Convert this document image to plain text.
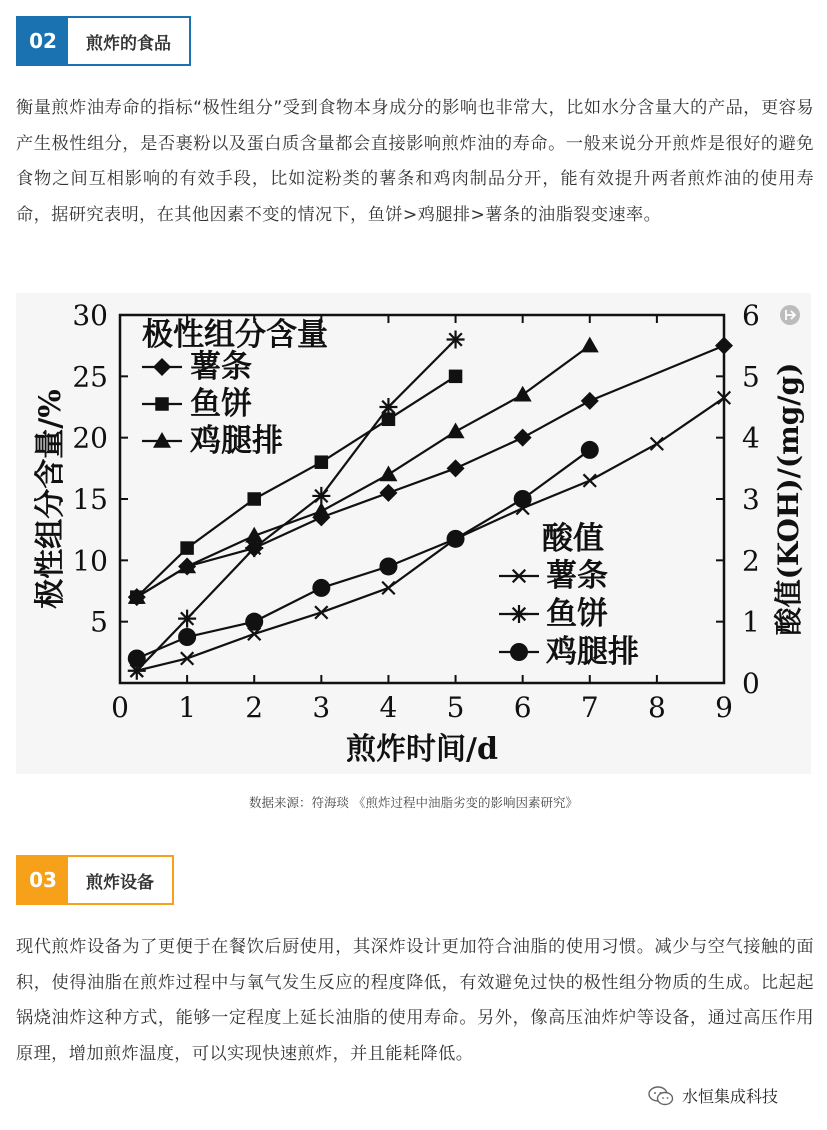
02	煎炸的食品

衡量煎炸油寿命的指标“极性组分”受到食物本身成分的影响也非常大，比如水分含量大的产品，更容易产生极性组分，是否裹粉以及蛋白质含量都会直接影响煎炸油的寿命。一般来说分开煎炸是很好的避免食物之间互相影响的有效手段，比如淀粉类的薯条和鸡肉制品分开，能有效提升两者煎炸油的使用寿命，据研究表明，在其他因素不变的情况下，鱼饼>鸡腿排>薯条的油脂裂变速率。

0 1 2 3 4 5 6 7 8 9
5
10
15
20
25
30
0
1
2
3
4
5
6
煎炸时间/d
极性组分含量/%	酸值(KOH)/(mg/g)
极性组分含量
薯条
鱼饼
鸡腿排
酸值
薯条
鱼饼
鸡腿排
数据来源：符海琰 《煎炸过程中油脂劣变的影响因素研究》
03	煎炸设备

现代煎炸设备为了更便于在餐饮后厨使用，其深炸设计更加符合油脂的使用习惯。减少与空气接触的面积，使得油脂在煎炸过程中与氧气发生反应的程度降低，有效避免过快的极性组分物质的生成。比起起锅烧油炸这种方式，能够一定程度上延长油脂的使用寿命。另外，像高压油炸炉等设备，通过高压作用原理，增加煎炸温度，可以实现快速煎炸，并且能耗降低。

水恒集成科技
